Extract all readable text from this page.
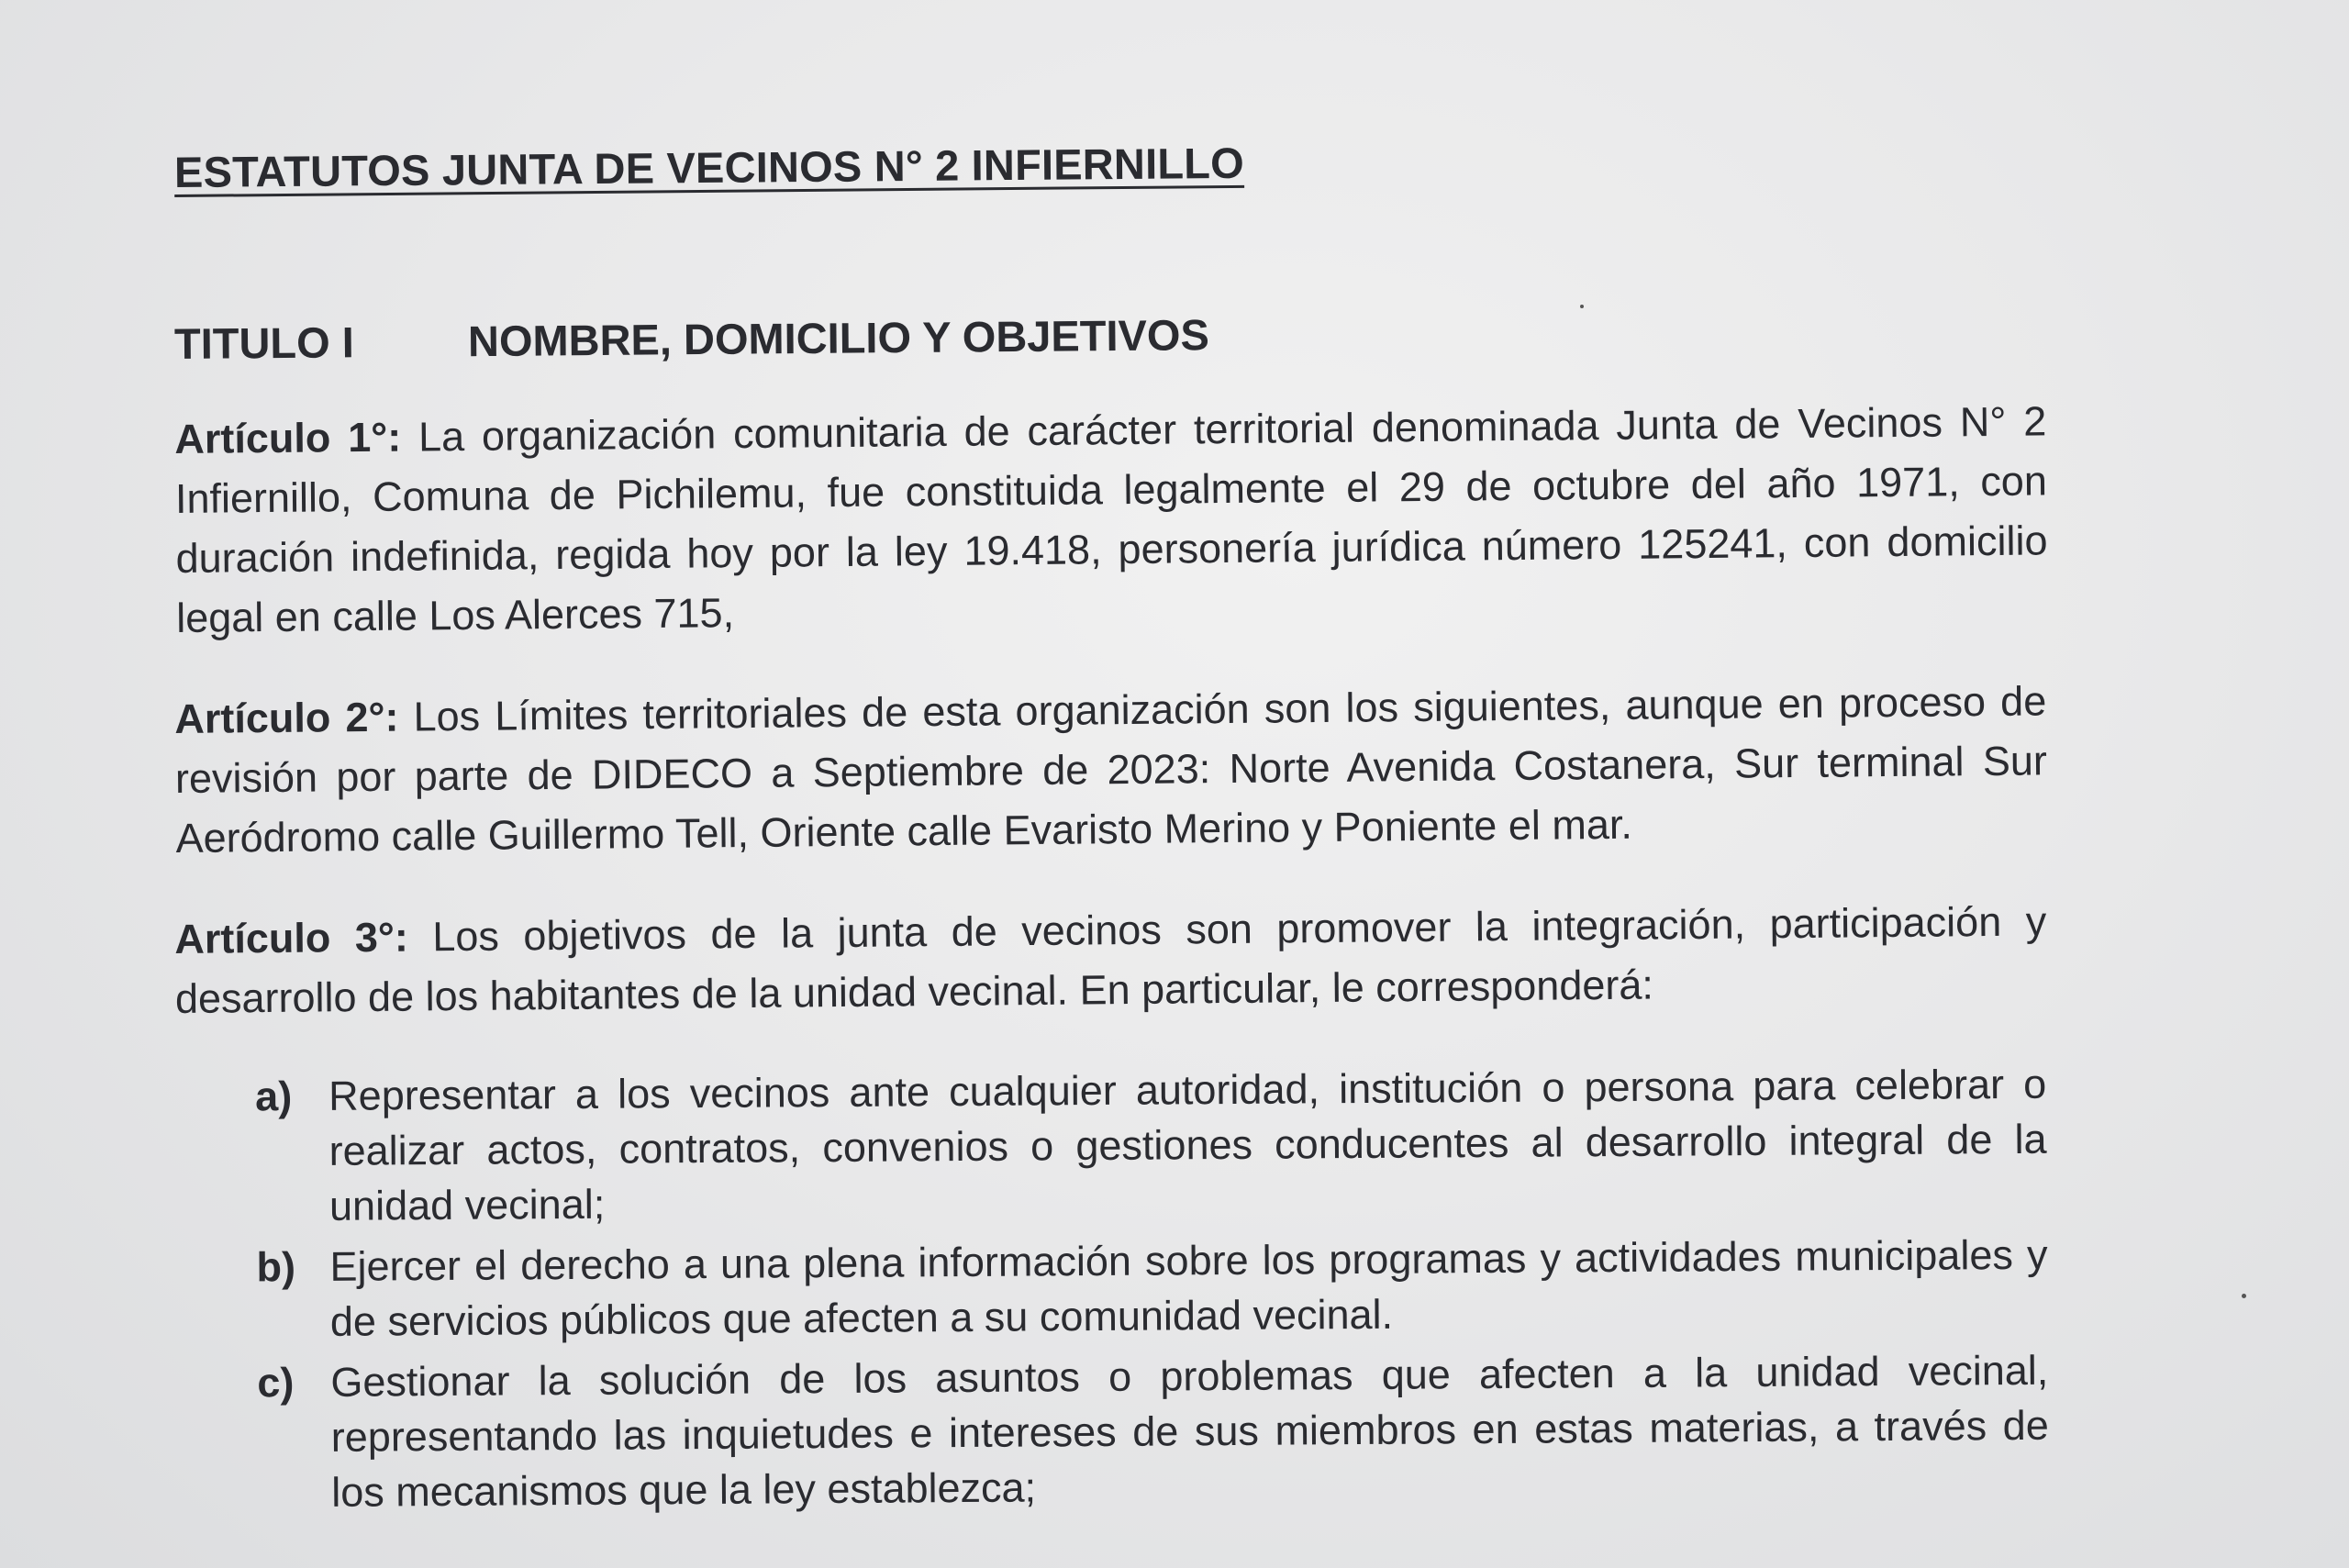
ESTATUTOS JUNTA DE VECINOS N° 2 INFIERNILLO
TITULO I	NOMBRE, DOMICILIO Y OBJETIVOS

Artículo 1°: La organización comunitaria de carácter territorial denominada Junta de Vecinos N° 2 Infiernillo, Comuna de Pichilemu, fue constituida legalmente el 29 de octubre del año 1971, con duración indefinida, regida hoy por la ley 19.418, personería jurídica número 125241, con domicilio legal en calle Los Alerces 715,

Artículo 2°: Los Límites territoriales de esta organización son los siguientes, aunque en proceso de revisión por parte de DIDECO a Septiembre de 2023: Norte Avenida Costanera, Sur terminal Sur Aeródromo calle Guillermo Tell, Oriente calle Evaristo Merino y Poniente el mar.

Artículo 3°: Los objetivos de la junta de vecinos son promover la integración, participación y desarrollo de los habitantes de la unidad vecinal. En particular, le corresponderá:

a) Representar a los vecinos ante cualquier autoridad, institución o persona para celebrar o realizar actos, contratos, convenios o gestiones conducentes al desarrollo integral de la unidad vecinal;
b) Ejercer el derecho a una plena información sobre los programas y actividades municipales y de servicios públicos que afecten a su comunidad vecinal.
c) Gestionar la solución de los asuntos o problemas que afecten a la unidad vecinal, representando las inquietudes e intereses de sus miembros en estas materias, a través de los mecanismos que la ley establezca;
